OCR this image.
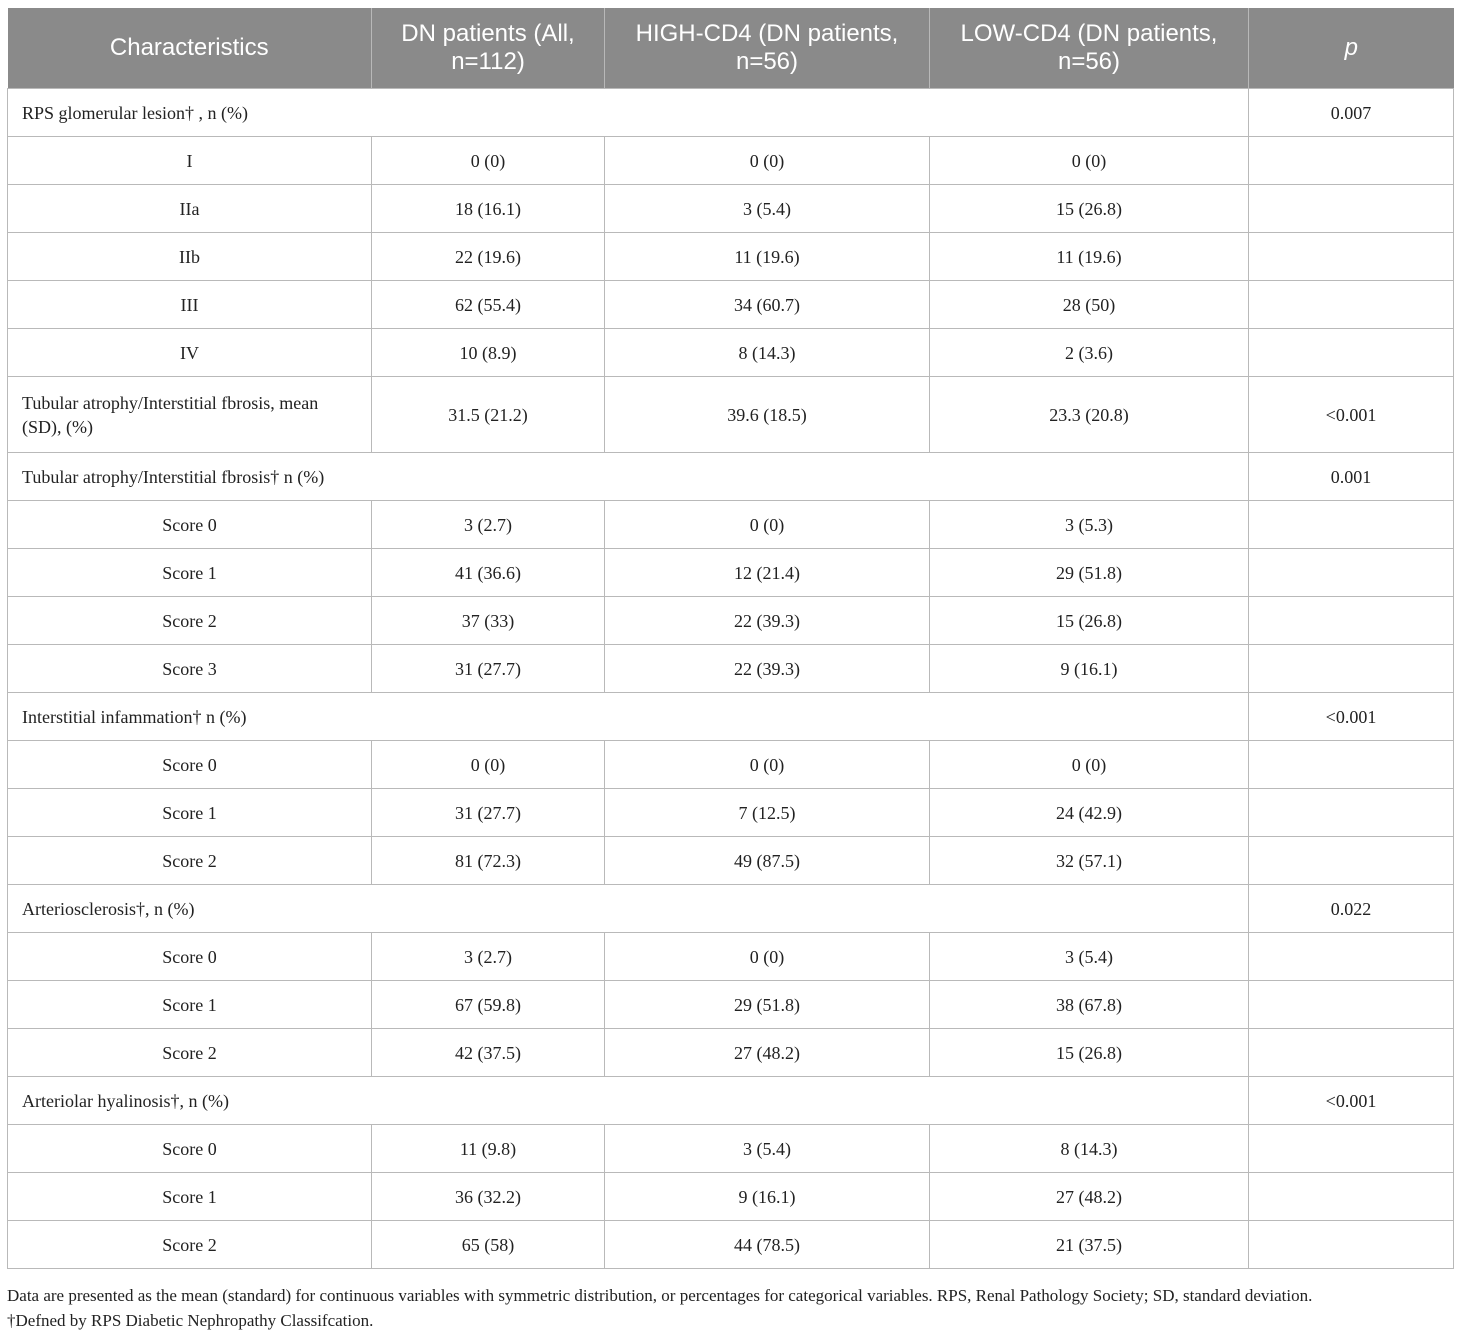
Characteristics	DN patients (All, n=112)	HIGH-CD4 (DN patients, n=56)	LOW-CD4 (DN patients, n=56)	p
RPS glomerular lesion† , n (%)				0.007
I	0 (0)	0 (0)	0 (0)	
IIa	18 (16.1)	3 (5.4)	15 (26.8)	
IIb	22 (19.6)	11 (19.6)	11 (19.6)	
III	62 (55.4)	34 (60.7)	28 (50)	
IV	10 (8.9)	8 (14.3)	2 (3.6)	
Tubular atrophy/Interstitial fbrosis, mean (SD), (%)	31.5 (21.2)	39.6 (18.5)	23.3 (20.8)	<0.001
Tubular atrophy/Interstitial fbrosis† n (%)				0.001
Score 0	3 (2.7)	0 (0)	3 (5.3)	
Score 1	41 (36.6)	12 (21.4)	29 (51.8)	
Score 2	37 (33)	22 (39.3)	15 (26.8)	
Score 3	31 (27.7)	22 (39.3)	9 (16.1)	
Interstitial infammation† n (%)				<0.001
Score 0	0 (0)	0 (0)	0 (0)	
Score 1	31 (27.7)	7 (12.5)	24 (42.9)	
Score 2	81 (72.3)	49 (87.5)	32 (57.1)	
Arteriosclerosis†, n (%)				0.022
Score 0	3 (2.7)	0 (0)	3 (5.4)	
Score 1	67 (59.8)	29 (51.8)	38 (67.8)	
Score 2	42 (37.5)	27 (48.2)	15 (26.8)	
Arteriolar hyalinosis†, n (%)				<0.001
Score 0	11 (9.8)	3 (5.4)	8 (14.3)	
Score 1	36 (32.2)	9 (16.1)	27 (48.2)	
Score 2	65 (58)	44 (78.5)	21 (37.5)	
Data are presented as the mean (standard) for continuous variables with symmetric distribution, or percentages for categorical variables. RPS, Renal Pathology Society; SD, standard deviation.
†Defned by RPS Diabetic Nephropathy Classifcation.
